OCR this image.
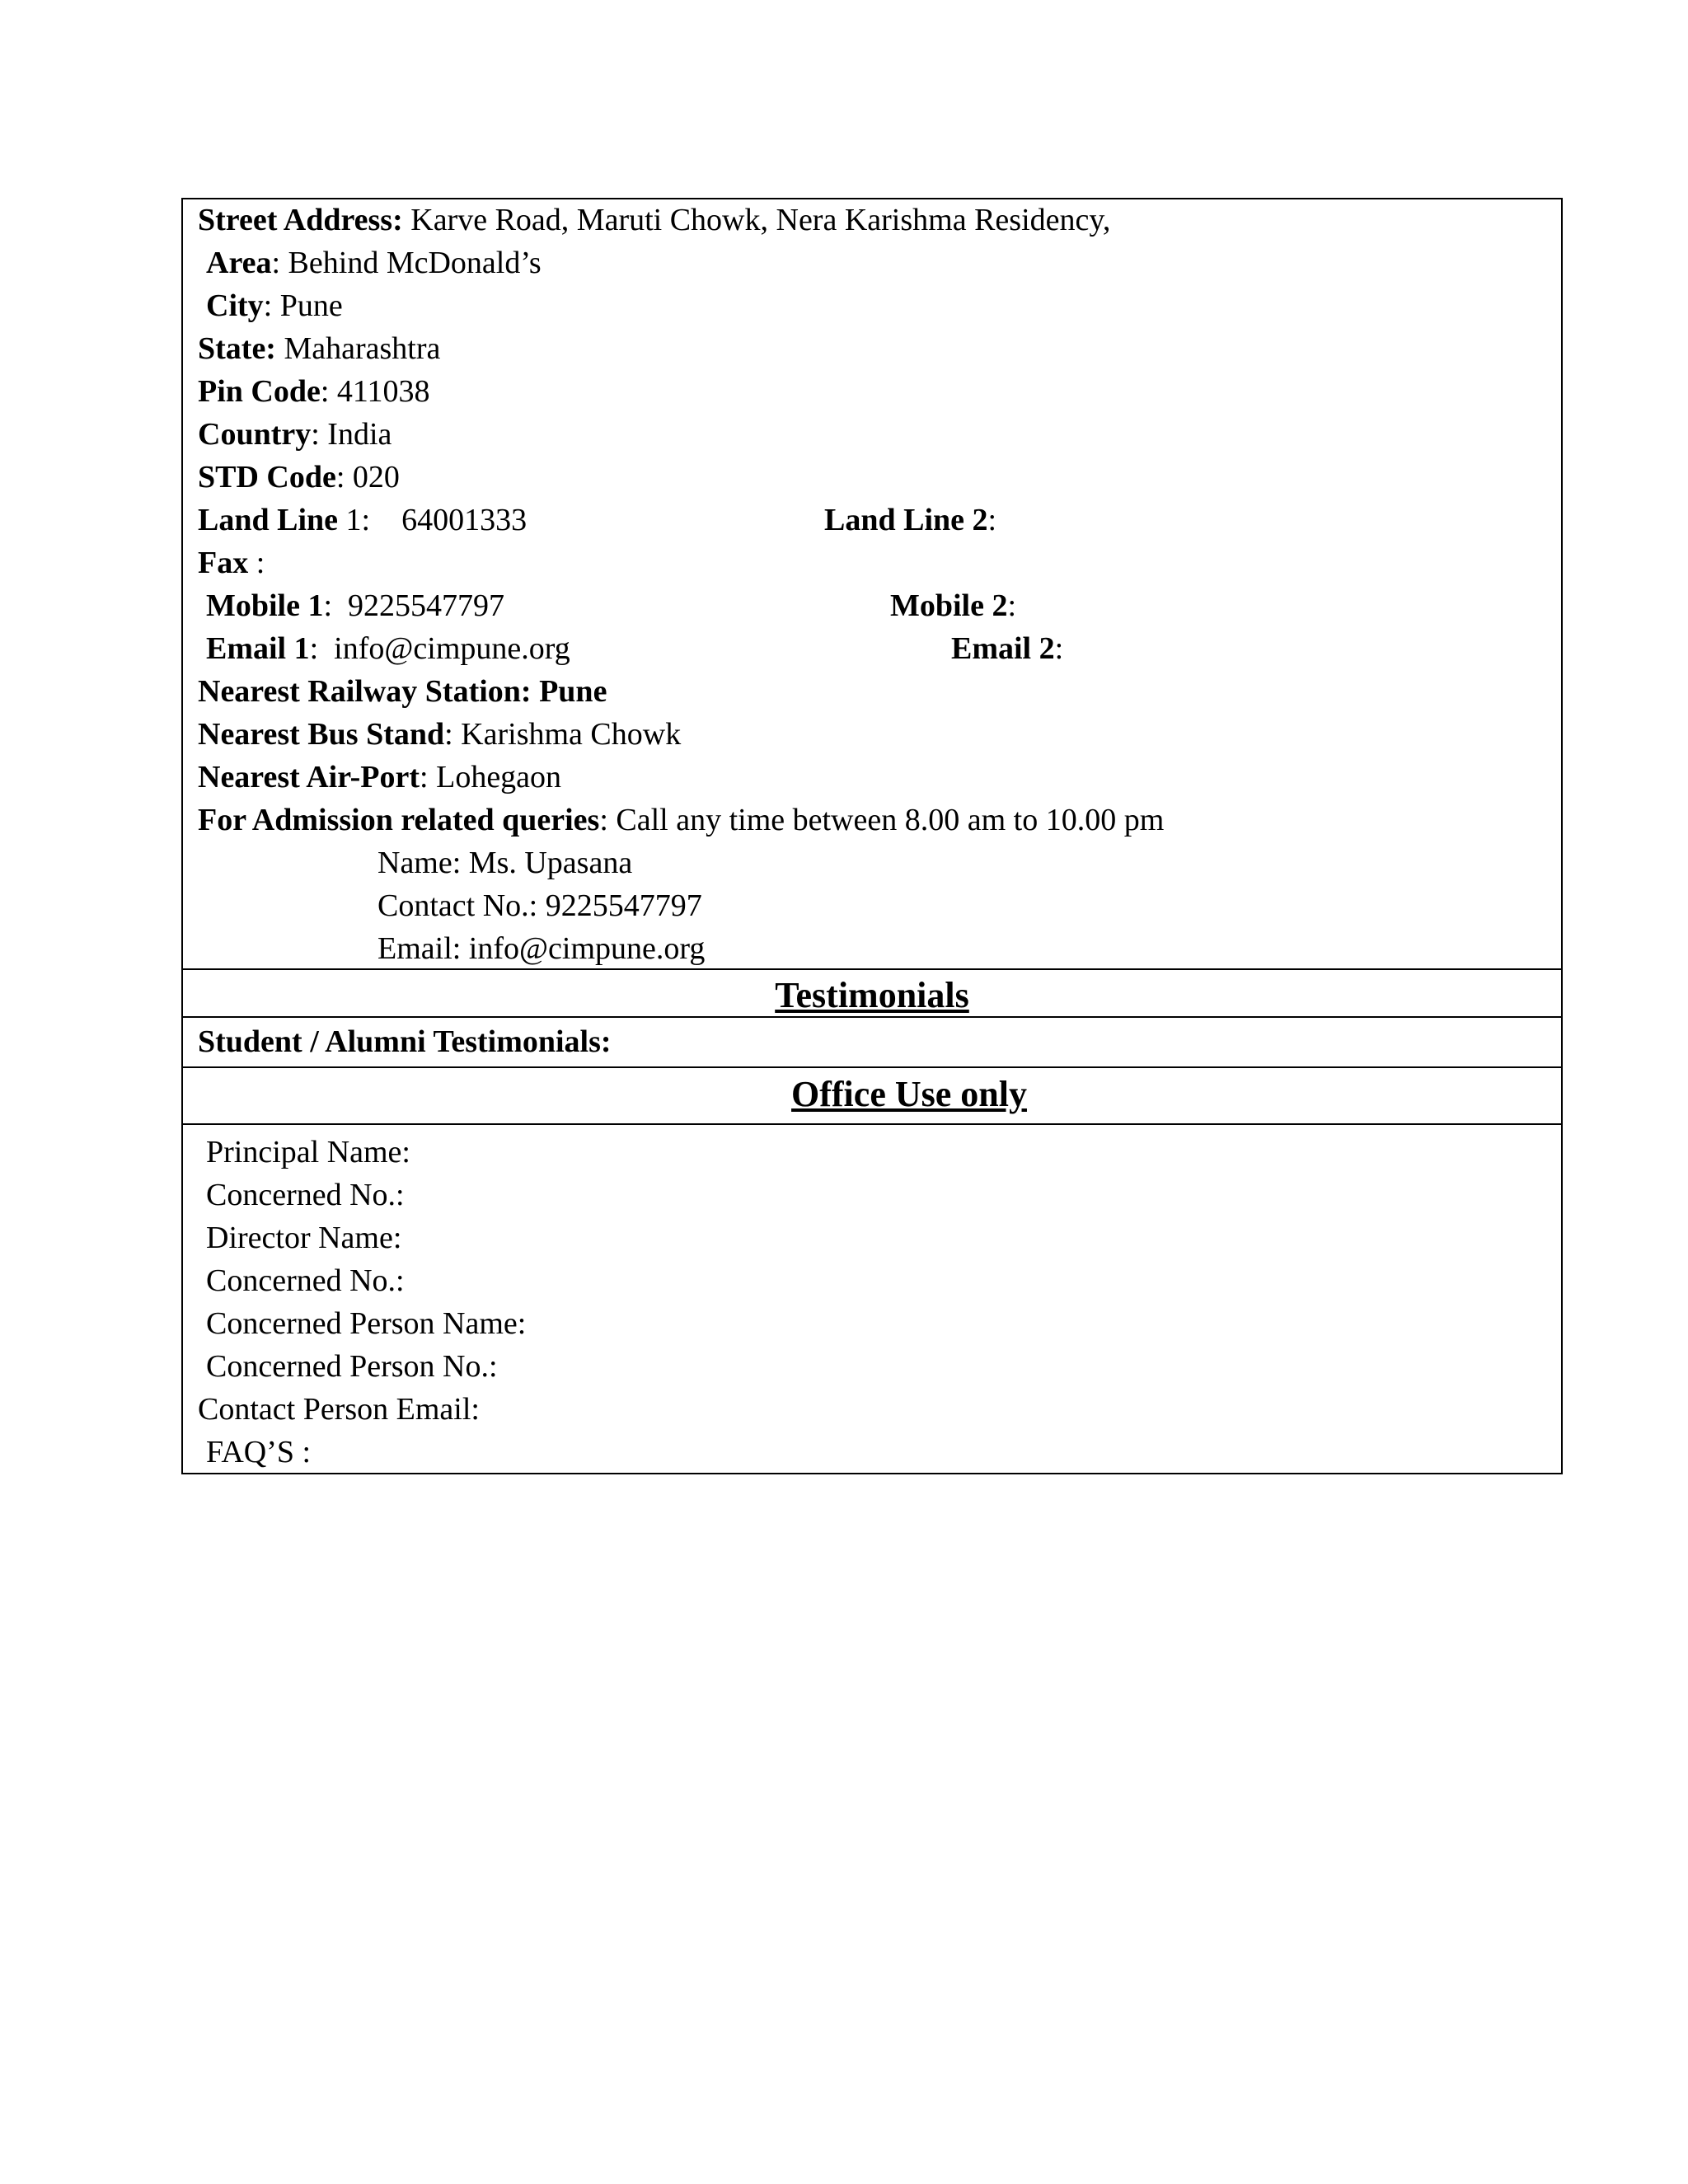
Street Address: Karve Road, Maruti Chowk, Nera Karishma Residency,
Area: Behind McDonald’s
City: Pune
State: Maharashtra
Pin Code: 411038
Country: India
STD Code: 020
Land Line 1:    64001333	Land Line 2:
Fax :
Mobile 1:  9225547797	Mobile 2:
Email 1:  info@cimpune.org	Email 2:
Nearest Railway Station: Pune
Nearest Bus Stand: Karishma Chowk
Nearest Air-Port: Lohegaon
For Admission related queries: Call any time between 8.00 am to 10.00 pm
Name: Ms. Upasana
Contact No.: 9225547797
Email: info@cimpune.org
Testimonials
Student / Alumni Testimonials:
Office Use only
Principal Name:
Concerned No.:
Director Name:
Concerned No.:
Concerned Person Name:
Concerned Person No.:
Contact Person Email:
FAQ’S :
